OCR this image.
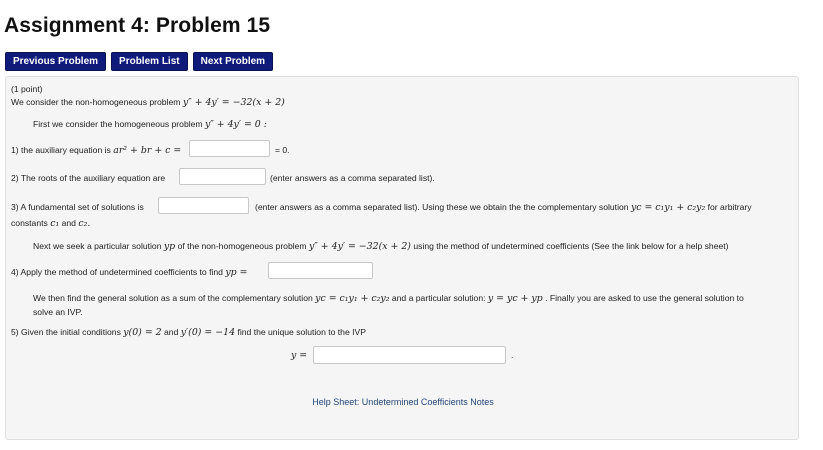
Assignment 4: Problem 15
Previous Problem	Problem List	Next Problem
(1 point)
We consider the non-homogeneous problem y″ + 4y′ = −32(x + 2)
First we consider the homogeneous problem y″ + 4y′ = 0 :
1) the auxiliary equation is ar² + br + c =	= 0.
2) The roots of the auxiliary equation are	(enter answers as a comma separated list).
3) A fundamental set of solutions is	(enter answers as a comma separated list). Using these we obtain the the complementary solution yc = c₁y₁ + c₂y₂ for arbitrary
constants c₁ and c₂.
Next we seek a particular solution yp of the non-homogeneous problem y″ + 4y′ = −32(x + 2) using the method of undetermined coefficients (See the link below for a help sheet)
4) Apply the method of undetermined coefficients to find yp =
We then find the general solution as a sum of the complementary solution yc = c₁y₁ + c₂y₂ and a particular solution: y = yc + yp . Finally you are asked to use the general solution to
solve an IVP.
5) Given the initial conditions y(0) = 2 and y′(0) = −14 find the unique solution to the IVP
y =	.
Help Sheet: Undetermined Coefficients Notes
